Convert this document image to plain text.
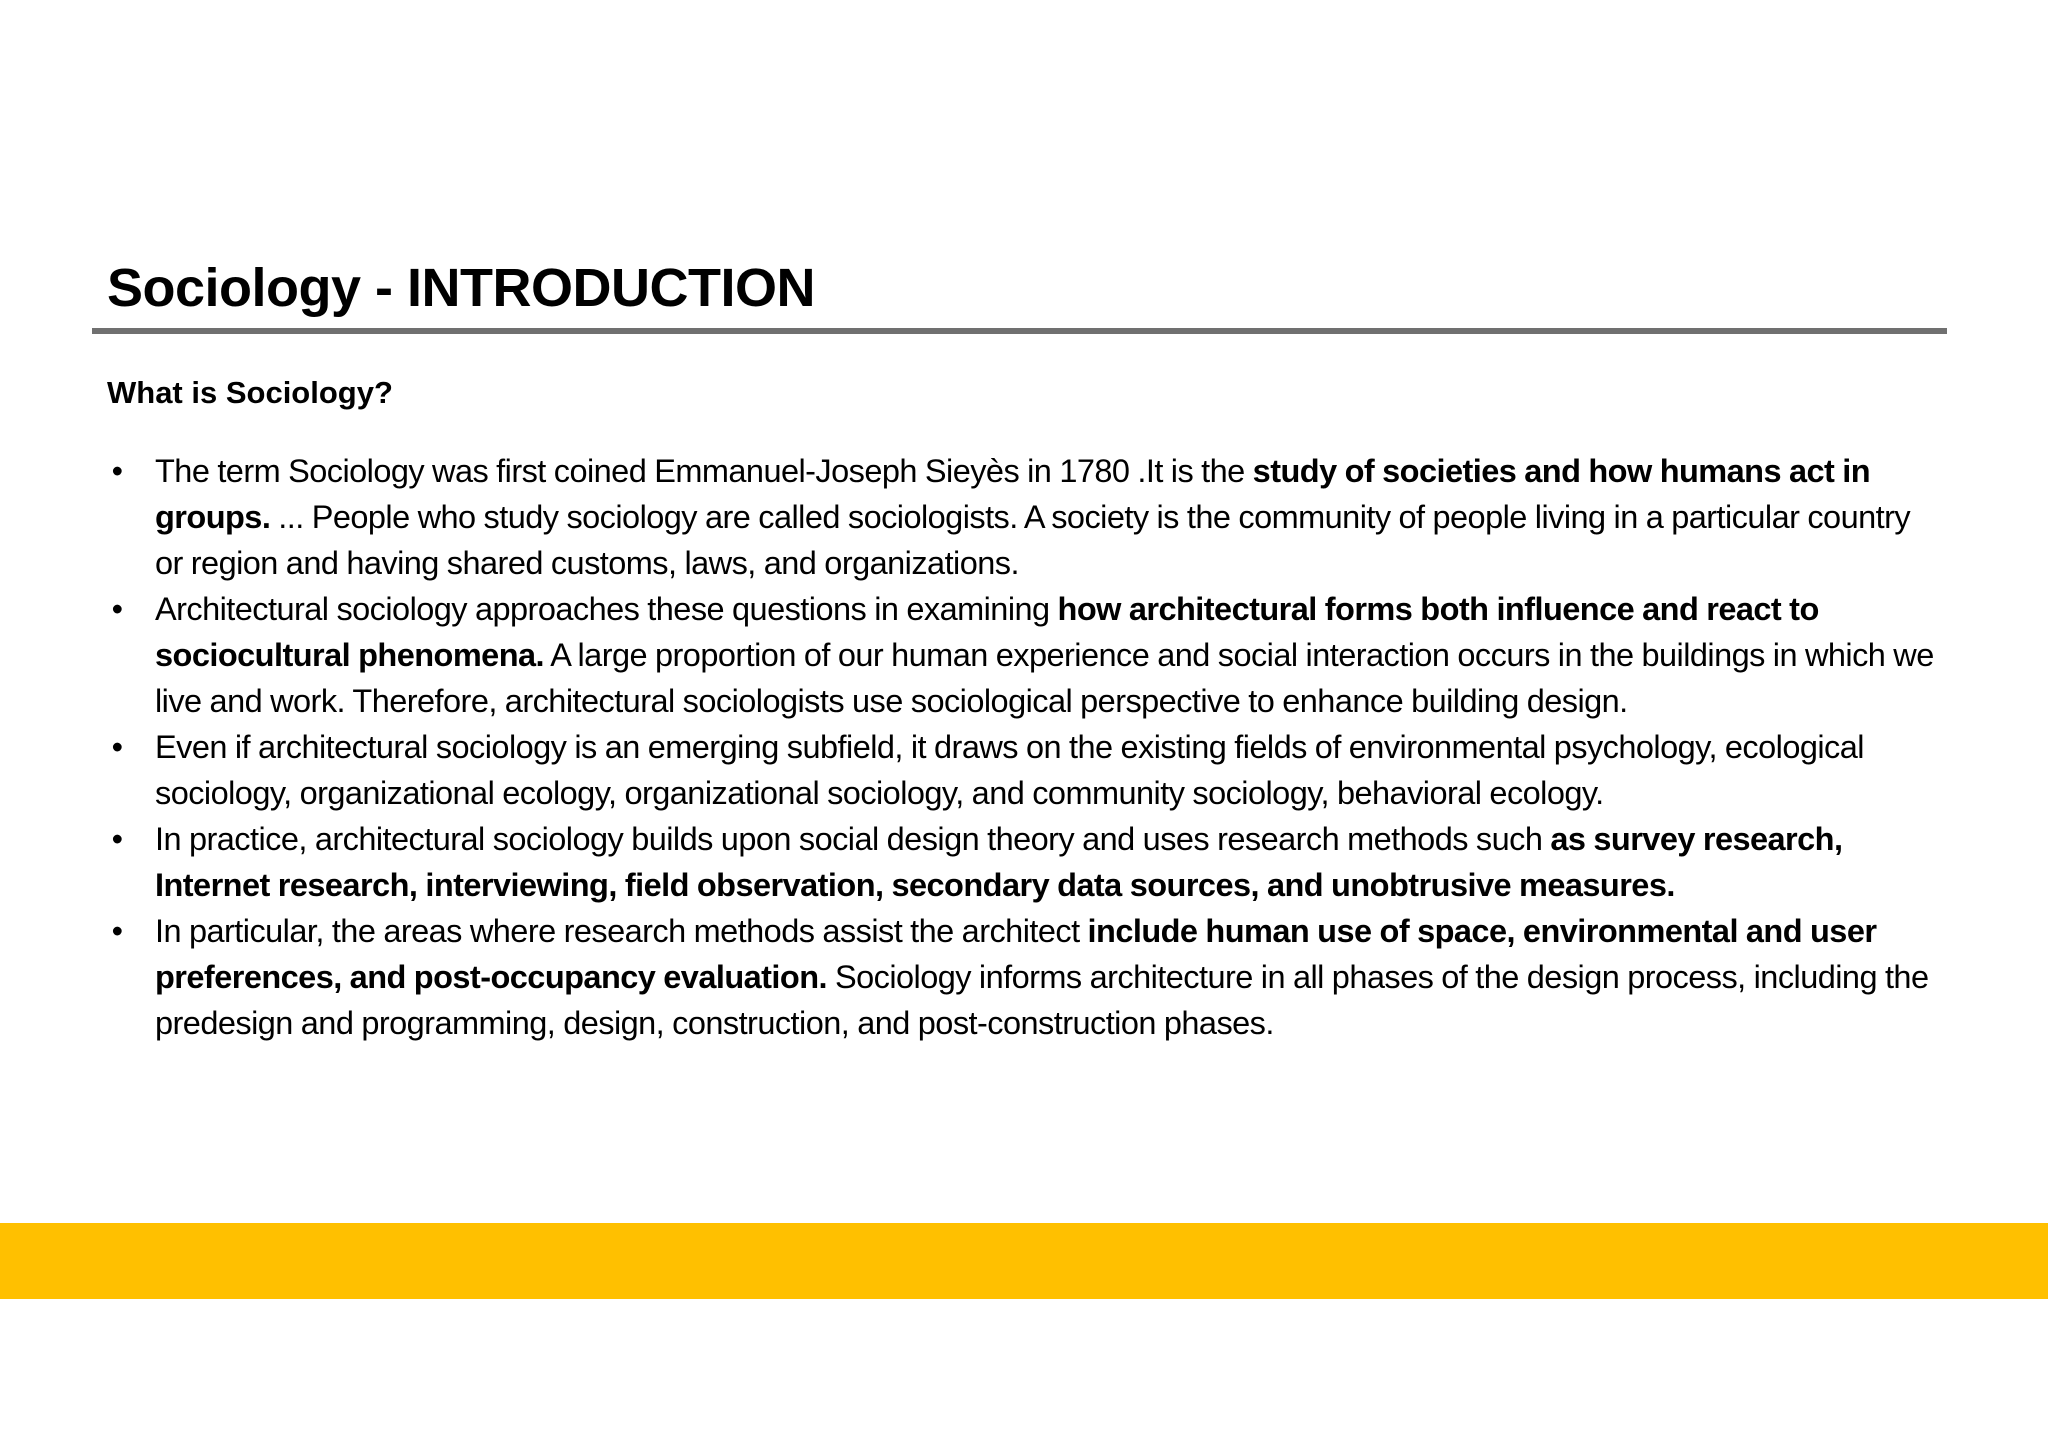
Sociology - INTRODUCTION
What is Sociology?
• The term Sociology was first coined Emmanuel-Joseph Sieyès in 1780 .It is the study of societies and how humans act in groups. ... People who study sociology are called sociologists. A society is the community of people living in a particular country or region and having shared customs, laws, and organizations.
• Architectural sociology approaches these questions in examining how architectural forms both influence and react to sociocultural phenomena. A large proportion of our human experience and social interaction occurs in the buildings in which we live and work. Therefore, architectural sociologists use sociological perspective to enhance building design.
• Even if architectural sociology is an emerging subfield, it draws on the existing fields of environmental psychology, ecological sociology, organizational ecology, organizational sociology, and community sociology, behavioral ecology.
• In practice, architectural sociology builds upon social design theory and uses research methods such as survey research, Internet research, interviewing, field observation, secondary data sources, and unobtrusive measures.
• In particular, the areas where research methods assist the architect include human use of space, environmental and user preferences, and post-occupancy evaluation. Sociology informs architecture in all phases of the design process, including the predesign and programming, design, construction, and post-construction phases.
